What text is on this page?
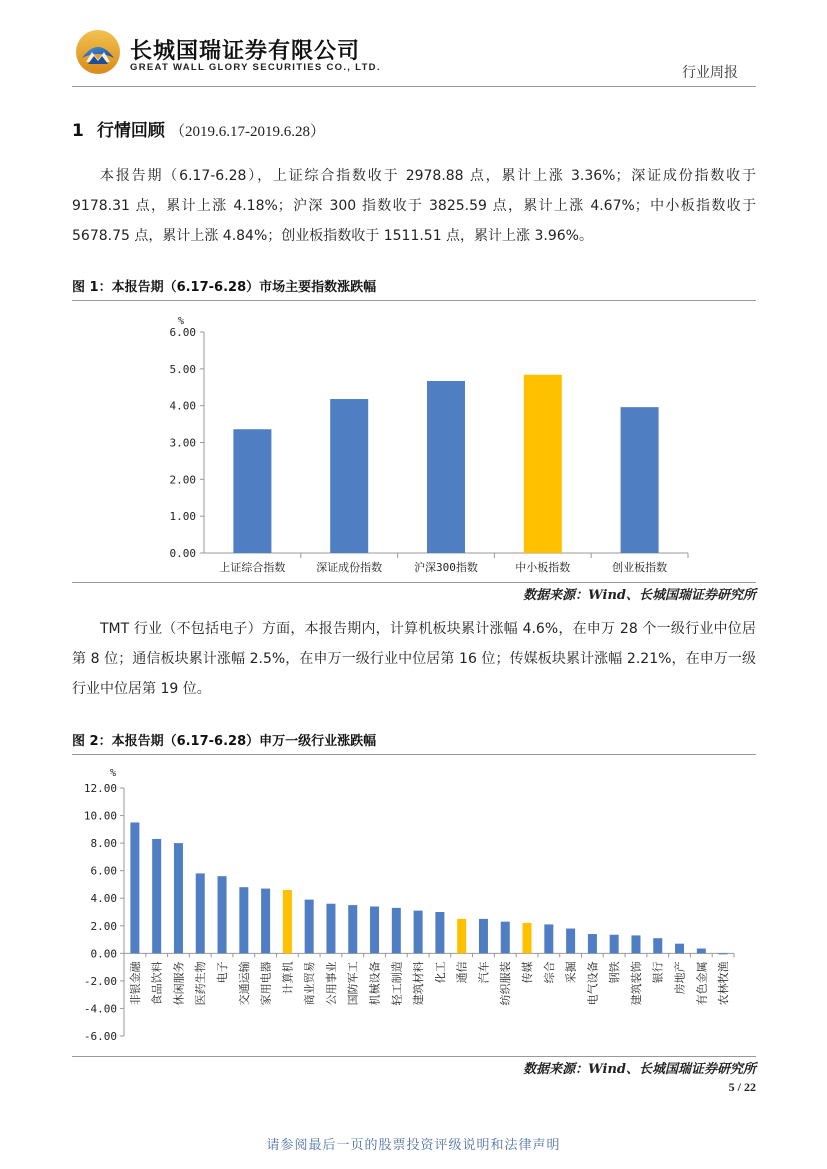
长城国瑞证券有限公司
GREAT WALL GLORY SECURITIES CO., LTD.	行业周报
1 行情回顾 （2019.6.17-2019.6.28）
本报告期（6.17-6.28），上证综合指数收于 2978.88 点，累计上涨 3.36%；深证成份指数收于 9178.31 点，累计上涨 4.18%；沪深 300 指数收于 3825.59 点，累计上涨 4.67%；中小板指数收于 5678.75 点，累计上涨 4.84%；创业板指数收于 1511.51 点，累计上涨 3.96%。
图 1：本报告期（6.17-6.28）市场主要指数涨跌幅
%
6.00
5.00
4.00
3.00
2.00
1.00
0.00
上证综合指数	深证成份指数	沪深300指数	中小板指数	创业板指数
数据来源：Wind、长城国瑞证券研究所
TMT 行业（不包括电子）方面，本报告期内，计算机板块累计涨幅 4.6%，在申万 28 个一级行业中位居第 8 位；通信板块累计涨幅 2.5%，在申万一级行业中位居第 16 位；传媒板块累计涨幅 2.21%，在申万一级行业中位居第 19 位。
图 2：本报告期（6.17-6.28）申万一级行业涨跌幅
%
12.00
10.00
8.00
6.00
4.00
2.00
0.00
-2.00
-4.00
-6.00
非银金融 食品饮料 休闲服务 医药生物 电子 交通运输 家用电器 计算机 商业贸易 公用事业 国防军工 机械设备 轻工制造 建筑材料 化工 通信 汽车 纺织服装 传媒 综合 采掘 电气设备 钢铁 建筑装饰 银行 房地产 有色金属 农林牧渔
数据来源：Wind、长城国瑞证券研究所
5 / 22
请参阅最后一页的股票投资评级说明和法律声明
